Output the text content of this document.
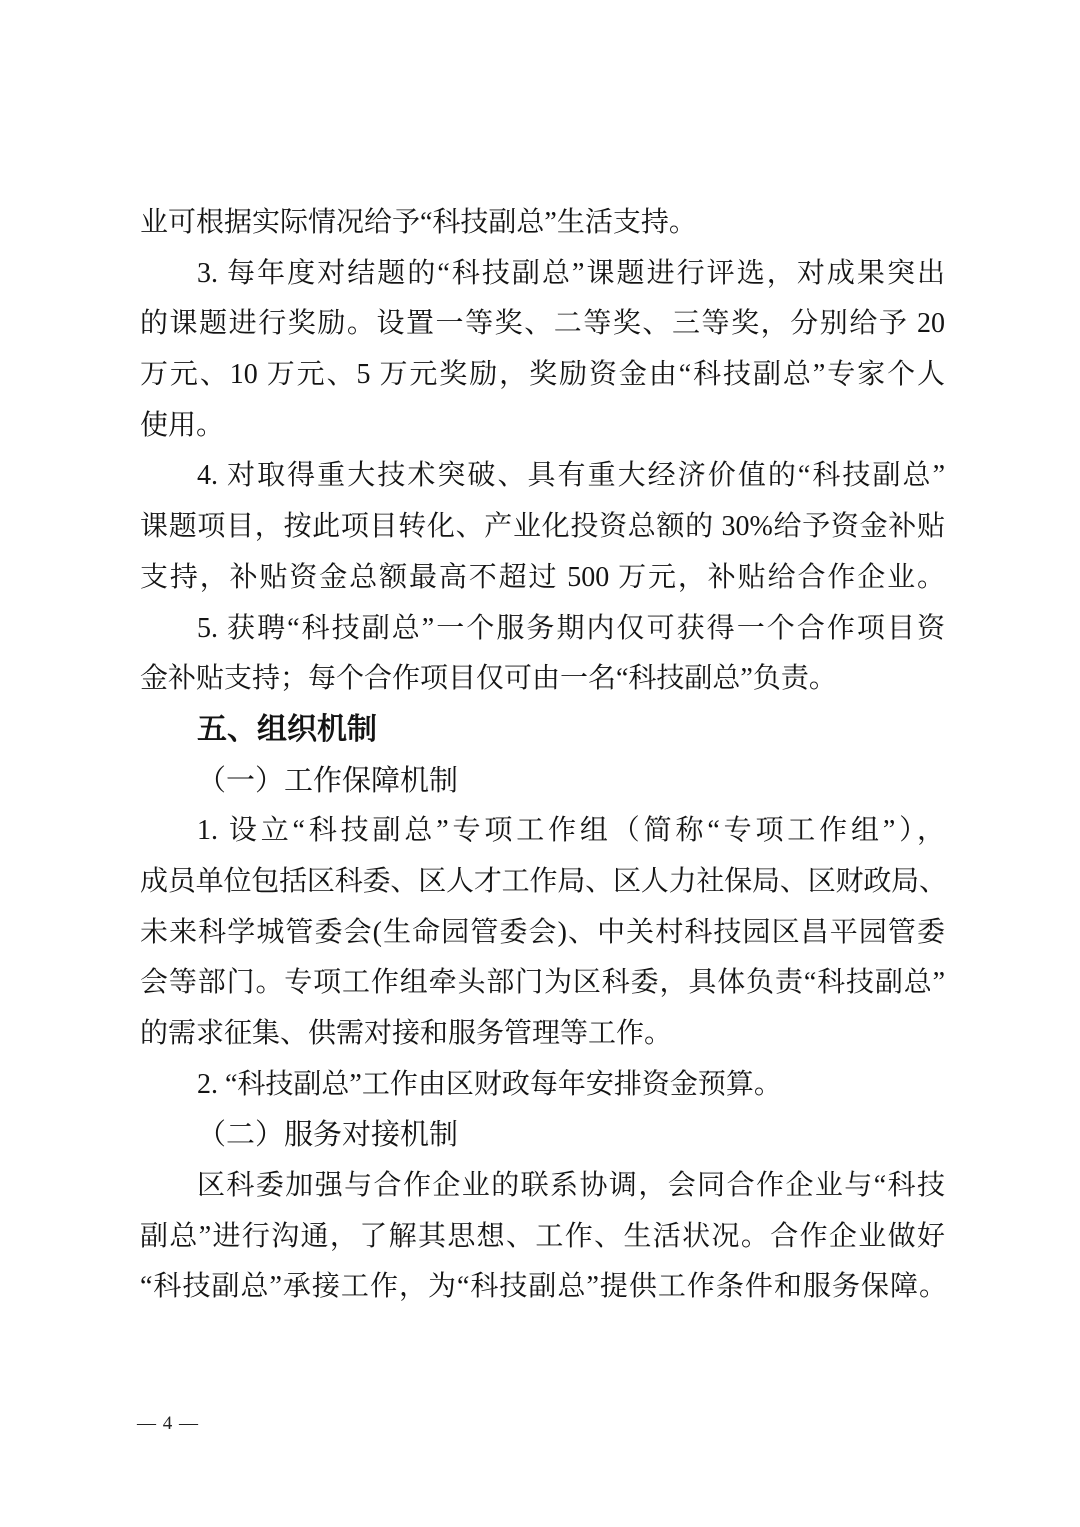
业可根据实际情况给予“科技副总”生活支持。
3. 每年度对结题的“科技副总”课题进行评选，对成果突出
的课题进行奖励。设置一等奖、二等奖、三等奖，分别给予 20
万元、10 万元、5 万元奖励，奖励资金由“科技副总”专家个人
使用。
4. 对取得重大技术突破、具有重大经济价值的“科技副总”
课题项目，按此项目转化、产业化投资总额的 30%给予资金补贴
支持，补贴资金总额最高不超过 500 万元，补贴给合作企业。
5. 获聘“科技副总”一个服务期内仅可获得一个合作项目资
金补贴支持；每个合作项目仅可由一名“科技副总”负责。
五、组织机制
（一）工作保障机制
1. 设立“科技副总”专项工作组（简称“专项工作组”），
成员单位包括区科委、区人才工作局、区人力社保局、区财政局、
未来科学城管委会(生命园管委会)、中关村科技园区昌平园管委
会等部门。专项工作组牵头部门为区科委，具体负责“科技副总”
的需求征集、供需对接和服务管理等工作。
2. “科技副总”工作由区财政每年安排资金预算。
（二）服务对接机制
区科委加强与合作企业的联系协调，会同合作企业与“科技
副总”进行沟通，了解其思想、工作、生活状况。合作企业做好
“科技副总”承接工作，为“科技副总”提供工作条件和服务保障。
— 4 —
